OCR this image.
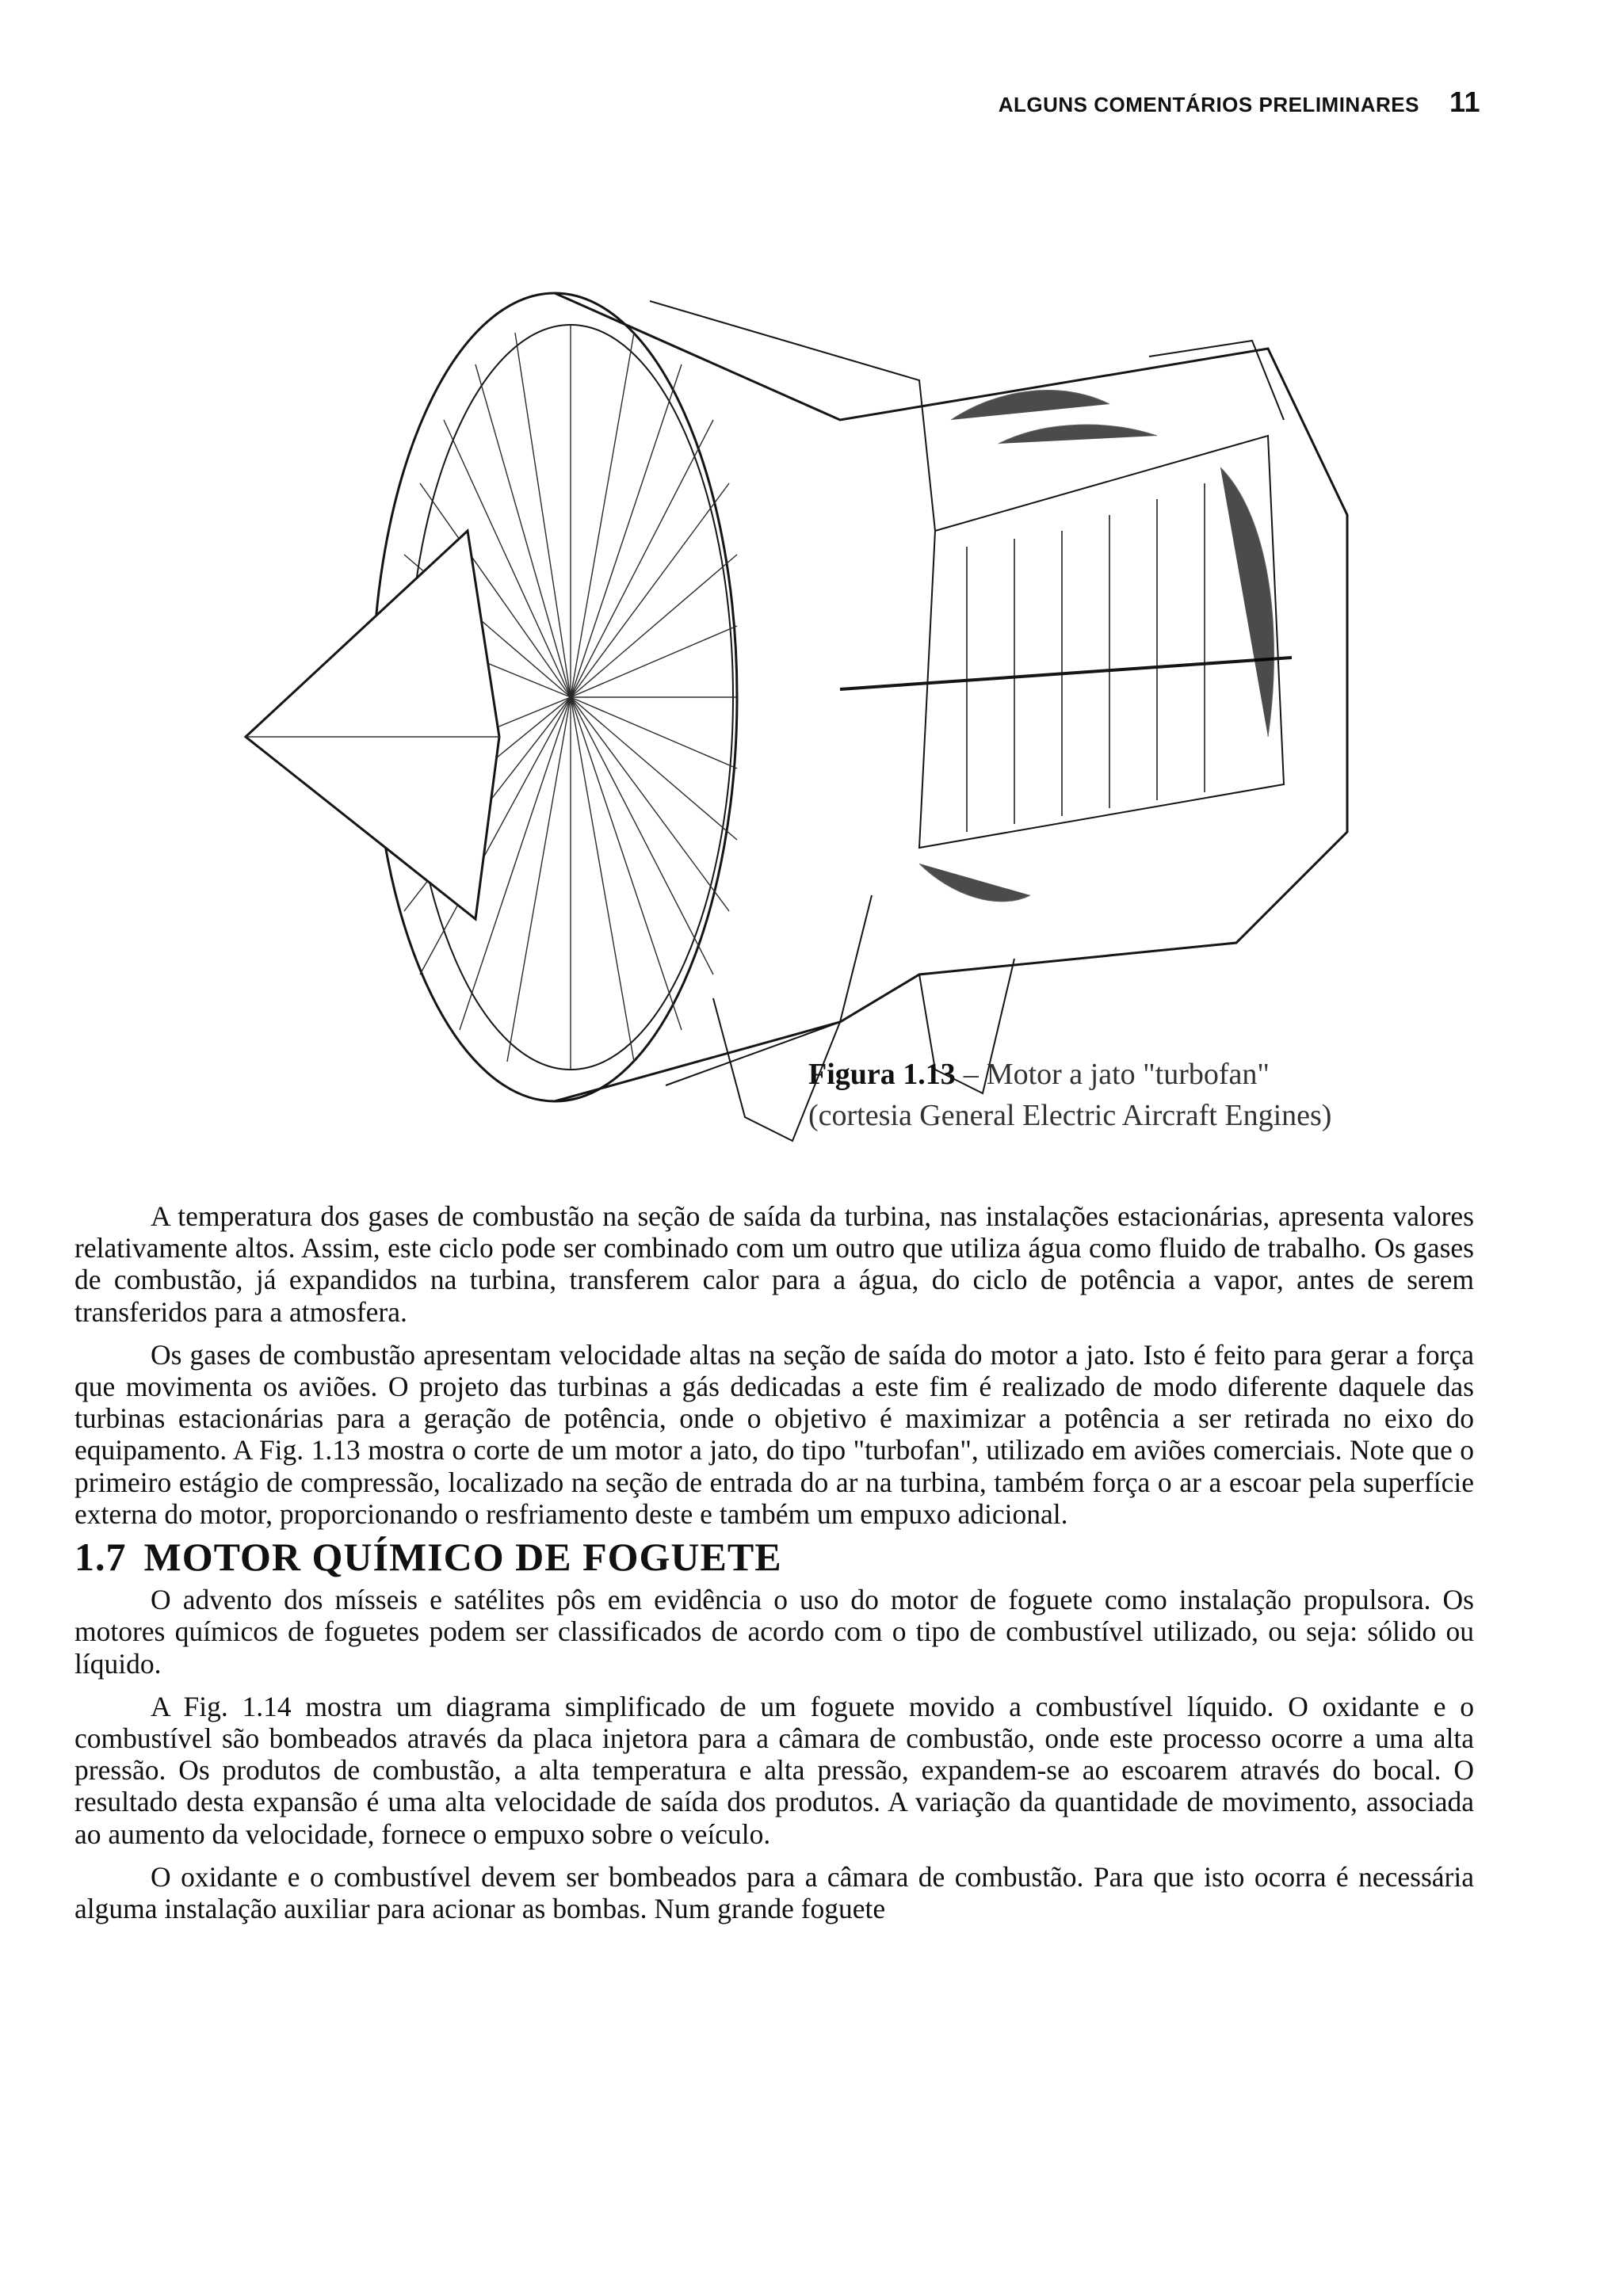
ALGUNS COMENTÁRIOS PRELIMINARES 11
Figura 1.13 – Motor a jato "turbofan"
(cortesia General Electric Aircraft Engines)

A temperatura dos gases de combustão na seção de saída da turbina, nas instalações estacionárias, apresenta valores relativamente altos. Assim, este ciclo pode ser combinado com um outro que utiliza água como fluido de trabalho. Os gases de combustão, já expandidos na turbina, transferem calor para a água, do ciclo de potência a vapor, antes de serem transferidos para a atmosfera.

Os gases de combustão apresentam velocidade altas na seção de saída do motor a jato. Isto é feito para gerar a força que movimenta os aviões. O projeto das turbinas a gás dedicadas a este fim é realizado de modo diferente daquele das turbinas estacionárias para a geração de potência, onde o objetivo é maximizar a potência a ser retirada no eixo do equipamento. A Fig. 1.13 mostra o corte de um motor a jato, do tipo "turbofan", utilizado em aviões comerciais. Note que o primeiro estágio de compressão, localizado na seção de entrada do ar na turbina, também força o ar a escoar pela superfície externa do motor, proporcionando o resfriamento deste e também um empuxo adicional.

1.7 MOTOR QUÍMICO DE FOGUETE

O advento dos mísseis e satélites pôs em evidência o uso do motor de foguete como instalação propulsora. Os motores químicos de foguetes podem ser classificados de acordo com o tipo de combustível utilizado, ou seja: sólido ou líquido.

A Fig. 1.14 mostra um diagrama simplificado de um foguete movido a combustível líquido. O oxidante e o combustível são bombeados através da placa injetora para a câmara de combustão, onde este processo ocorre a uma alta pressão. Os produtos de combustão, a alta temperatura e alta pressão, expandem-se ao escoarem através do bocal. O resultado desta expansão é uma alta velocidade de saída dos produtos. A variação da quantidade de movimento, associada ao aumento da velocidade, fornece o empuxo sobre o veículo.

O oxidante e o combustível devem ser bombeados para a câmara de combustão. Para que isto ocorra é necessária alguma instalação auxiliar para acionar as bombas. Num grande foguete
